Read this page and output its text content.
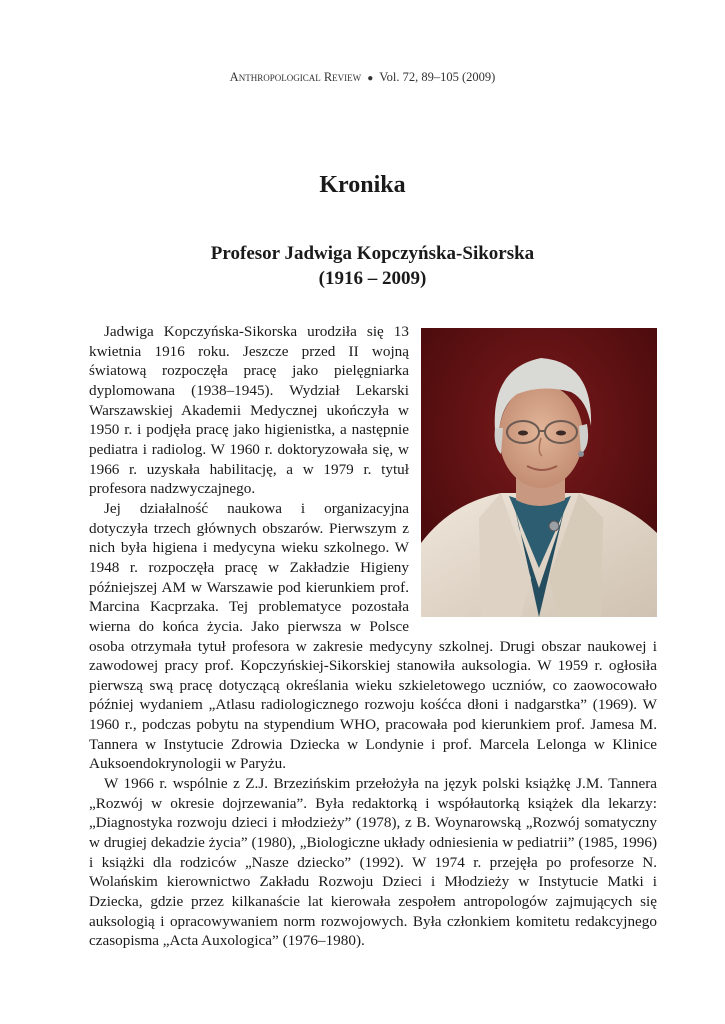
Anthropological Review ● Vol. 72, 89–105 (2009)
Kronika
Profesor Jadwiga Kopczyńska-Sikorska
(1916 – 2009)

Jadwiga Kopczyńska-Sikorska urodziła się 13 kwietnia 1916 roku. Jeszcze przed II wojną światową rozpoczęła pracę jako pielęgniarka dyplomowana (1938–1945). Wydział Lekarski Warszawskiej Akademii Medycznej ukończyła w 1950 r. i podjęła pracę jako higienistka, a następnie pediatra i radiolog. W 1960 r. doktoryzowała się, w 1966 r. uzyskała habilitację, a w 1979 r. tytuł profesora nadzwyczajnego.

Jej działalność naukowa i organizacyjna dotyczyła trzech głównych obszarów. Pierwszym z nich była higiena i medycyna wieku szkolnego. W 1948 r. rozpoczęła pracę w Zakładzie Higieny późniejszej AM w Warszawie pod kierunkiem prof. Marcina Kacprzaka. Tej problematyce pozostała wierna do końca życia. Jako pierwsza w Polsce osoba otrzymała tytuł profesora w zakresie medycyny szkolnej. Drugi obszar naukowej i zawodowej pracy prof. Kopczyńskiej-Sikorskiej stanowiła auksologia. W 1959 r. ogłosiła pierwszą swą pracę dotyczącą określania wieku szkieletowego uczniów, co zaowocowało później wydaniem „Atlasu radiologicznego rozwoju kośćca dłoni i nadgarstka” (1969). W 1960 r., podczas pobytu na stypendium WHO, pracowała pod kierunkiem prof. Jamesa M. Tannera w Instytucie Zdrowia Dziecka w Londynie i prof. Marcela Lelonga w Klinice Auksoendokrynologii w Paryżu.

W 1966 r. wspólnie z Z.J. Brzezińskim przełożyła na język polski książkę J.M. Tannera „Rozwój w okresie dojrzewania”. Była redaktorką i współautorką książek dla lekarzy: „Diagnostyka rozwoju dzieci i młodzieży” (1978), z B. Woynarowską „Rozwój somatyczny w drugiej dekadzie życia” (1980), „Biologiczne układy odniesienia w pediatrii” (1985, 1996) i książki dla rodziców „Nasze dziecko” (1992). W 1974 r. przejęła po profesorze N. Wolańskim kierownictwo Zakładu Rozwoju Dzieci i Młodzieży w Instytucie Matki i Dziecka, gdzie przez kilkanaście lat kierowała zespołem antropologów zajmujących się auksologią i opracowywaniem norm rozwojowych. Była członkiem komitetu redakcyjnego czasopisma „Acta Auxologica” (1976–1980).
